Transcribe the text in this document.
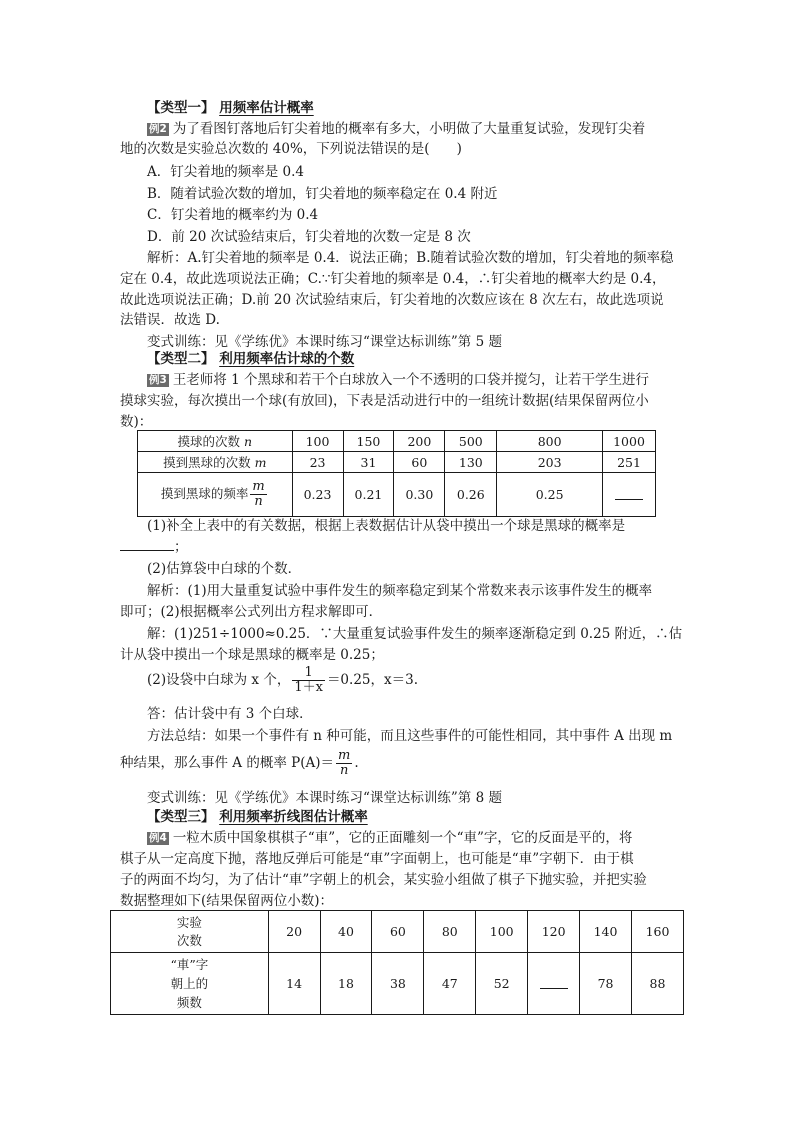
【类型一】 用频率估计概率
例2 为了看图钉落地后钉尖着地的概率有多大，小明做了大量重复试验，发现钉尖着
地的次数是实验总次数的 40%，下列说法错误的是(　　)
A．钉尖着地的频率是 0.4
B．随着试验次数的增加，钉尖着地的频率稳定在 0.4 附近
C．钉尖着地的概率约为 0.4
D．前 20 次试验结束后，钉尖着地的次数一定是 8 次
解析：A.钉尖着地的频率是 0.4．说法正确；B.随着试验次数的增加，钉尖着地的频率稳
定在 0.4，故此选项说法正确；C.∵钉尖着地的频率是 0.4，∴钉尖着地的概率大约是 0.4，
故此选项说法正确；D.前 20 次试验结束后，钉尖着地的次数应该在 8 次左右，故此选项说
法错误．故选 D.
变式训练：见《学练优》本课时练习“课堂达标训练”第 5 题
【类型二】 利用频率估计球的个数
例3 王老师将 1 个黑球和若干个白球放入一个不透明的口袋并搅匀，让若干学生进行
摸球实验，每次摸出一个球(有放回)，下表是活动进行中的一组统计数据(结果保留两位小
数)：
摸球的次数 n	100	150	200	500	800	1000
摸到黑球的次数 m	23	31	60	130	203	251
摸到黑球的频率 $\frac{m}{n}$	0.23	0.21	0.30	0.26	0.25	
(1)补全上表中的有关数据，根据上表数据估计从袋中摸出一个球是黑球的概率是
；
(2)估算袋中白球的个数．
解析：(1)用大量重复试验中事件发生的频率稳定到某个常数来表示该事件发生的概率
即可；(2)根据概率公式列出方程求解即可．
解：(1)251÷1000≈0.25．∵大量重复试验事件发生的频率逐渐稳定到 0.25 附近，∴估
计从袋中摸出一个球是黑球的概率是 0.25；
(2)设袋中白球为 x 个， $\frac{1}{1+x} =0.25$，x＝3.
答：估计袋中有 3 个白球．
方法总结：如果一个事件有 n 种可能，而且这些事件的可能性相同，其中事件 A 出现 m
种结果，那么事件 A 的概率 $P(A)= \frac{m}{n}$ .
变式训练：见《学练优》本课时练习“课堂达标训练”第 8 题
【类型三】 利用频率折线图估计概率
例4 一粒木质中国象棋棋子“車”，它的正面雕刻一个“車”字，它的反面是平的，将
棋子从一定高度下抛，落地反弹后可能是“車”字面朝上，也可能是“車”字朝下．由于棋
子的两面不均匀，为了估计“車”字朝上的机会，某实验小组做了棋子下抛实验，并把实验
数据整理如下(结果保留两位小数)：
实验
次数	20	40	60	80	100	120	140	160

“車”字
朝上的
频数	14	18	38	47	52		78	88
